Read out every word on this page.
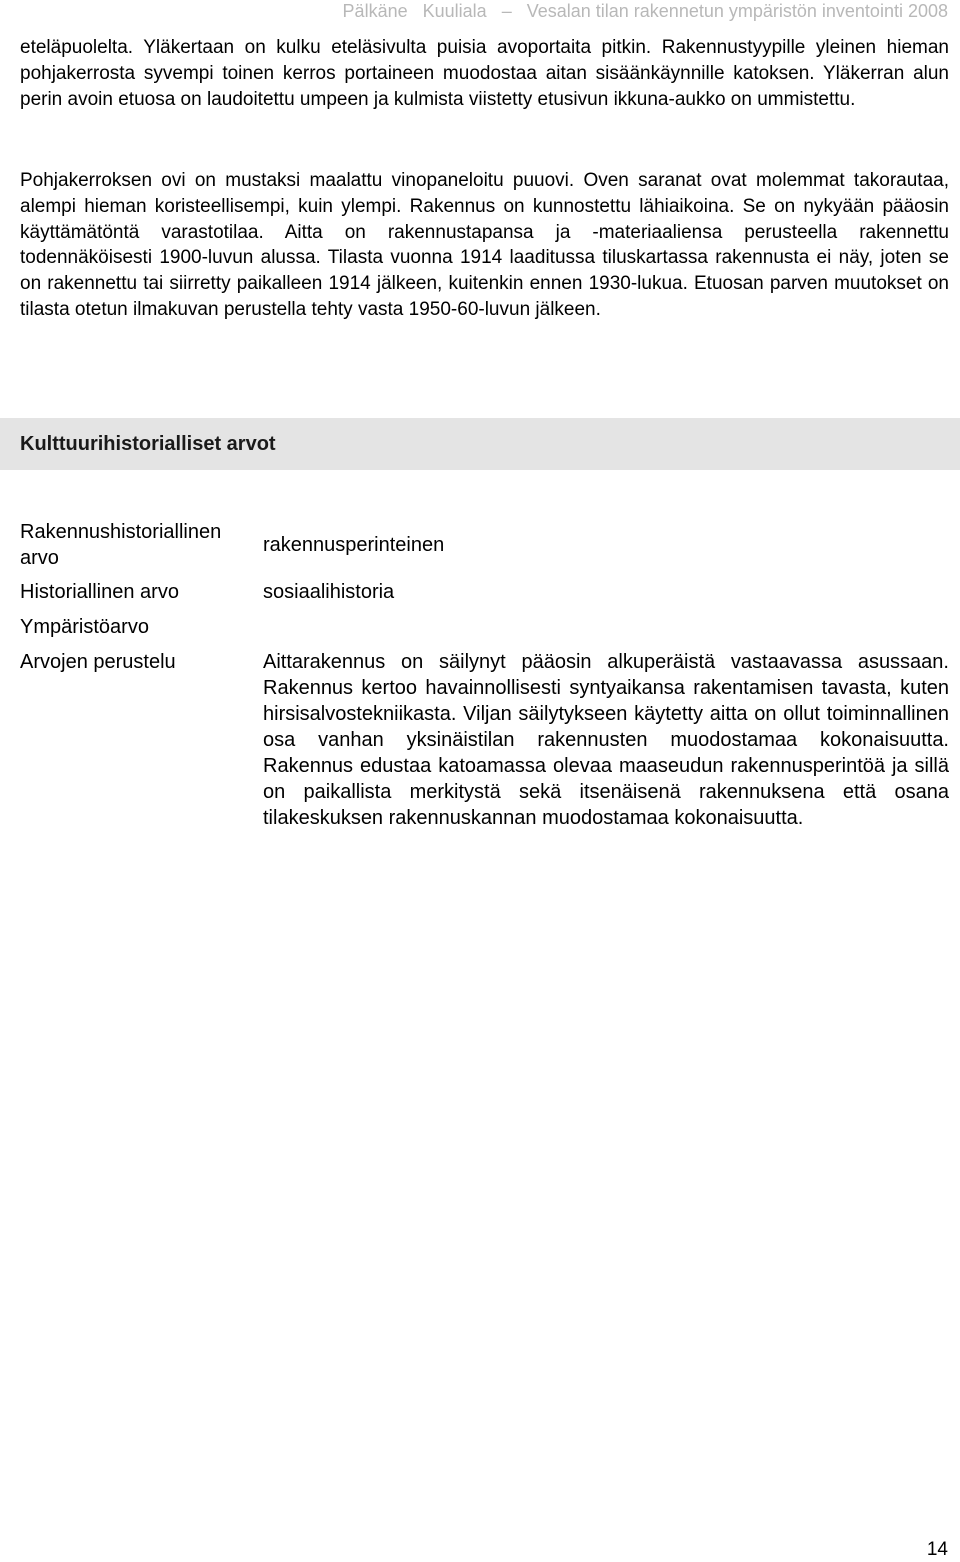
Pälkäne Kuuliala – Vesalan tilan rakennetun ympäristön inventointi 2008

eteläpuolelta. Yläkertaan on kulku eteläsivulta puisia avoportaita pitkin. Rakennustyypille yleinen hieman pohjakerrosta syvempi toinen kerros portaineen muodostaa aitan sisäänkäynnille katoksen. Yläkerran alun perin avoin etuosa on laudoitettu umpeen ja kulmista viistetty etusivun ikkuna-aukko on ummistettu.

Pohjakerroksen ovi on mustaksi maalattu vinopaneloitu puuovi. Oven saranat ovat molemmat takorautaa, alempi hieman koristeellisempi, kuin ylempi. Rakennus on kunnostettu lähiaikoina. Se on nykyään pääosin käyttämätöntä varastotilaa. Aitta on rakennustapansa ja -materiaaliensa perusteella rakennettu todennäköisesti 1900-luvun alussa. Tilasta vuonna 1914 laaditussa tiluskartassa rakennusta ei näy, joten se on rakennettu tai siirretty paikalleen 1914 jälkeen, kuitenkin ennen 1930-lukua. Etuosan parven muutokset on tilasta otetun ilmakuvan perustella tehty vasta 1950-60-luvun jälkeen.

Kulttuurihistorialliset arvot
Rakennushistoriallinen arvo
rakennusperinteinen
Historiallinen arvo	sosiaalihistoria
Ympäristöarvo
Arvojen perustelu	Aittarakennus on säilynyt pääosin alkuperäistä vastaavassa asussaan. Rakennus kertoo havainnollisesti syntyaikansa rakentamisen tavasta, kuten hirsisalvostekniikasta. Viljan säilytykseen käytetty aitta on ollut toiminnallinen osa vanhan yksinäistilan rakennusten muodostamaa kokonaisuutta. Rakennus edustaa katoamassa olevaa maaseudun rakennusperintöä ja sillä on paikallista merkitystä sekä itsenäisenä rakennuksena että osana tilakeskuksen rakennuskannan muodostamaa kokonaisuutta.
14
